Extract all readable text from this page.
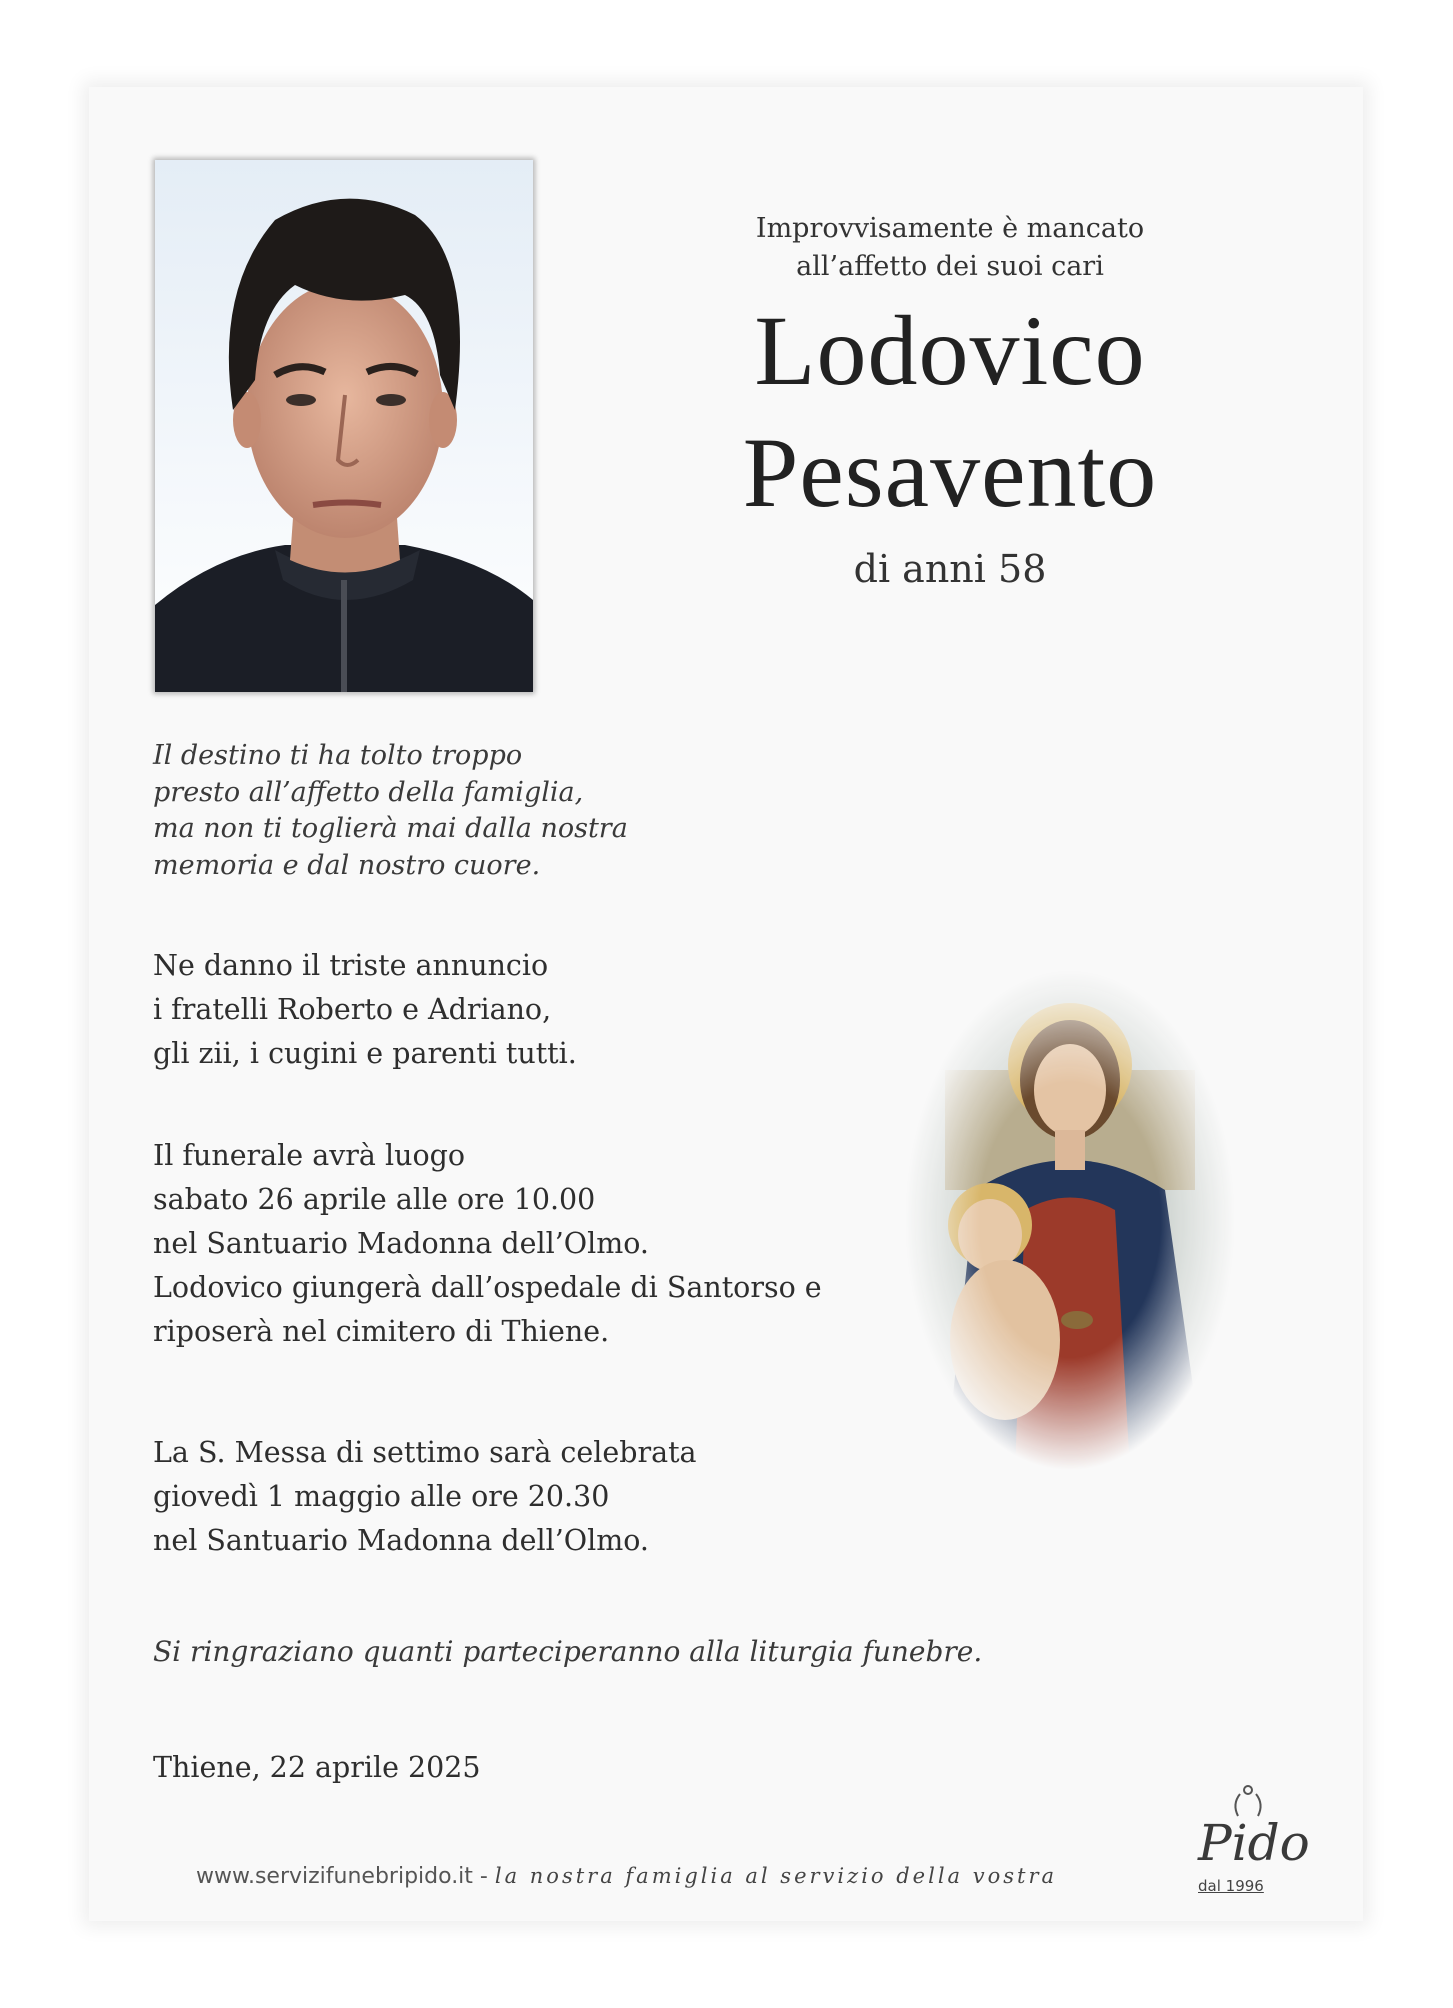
Improvvisamente è mancato
all’affetto dei suoi cari
Lodovico
Pesavento
di anni 58
Il destino ti ha tolto troppo
presto all’affetto della famiglia,
ma non ti toglierà mai dalla nostra
memoria e dal nostro cuore.
Ne danno il triste annuncio
i fratelli Roberto e Adriano,
gli zii, i cugini e parenti tutti.
Il funerale avrà luogo
sabato 26 aprile alle ore 10.00
nel Santuario Madonna dell’Olmo.
Lodovico giungerà dall’ospedale di Santorso e
riposerà nel cimitero di Thiene.
La S. Messa di settimo sarà celebrata
giovedì 1 maggio alle ore 20.30
nel Santuario Madonna dell’Olmo.
Si ringraziano quanti parteciperanno alla liturgia funebre.
Thiene, 22 aprile 2025
www.servizifunebripido.it - la nostra famiglia al servizio della vostra
Pido
dal 1996
